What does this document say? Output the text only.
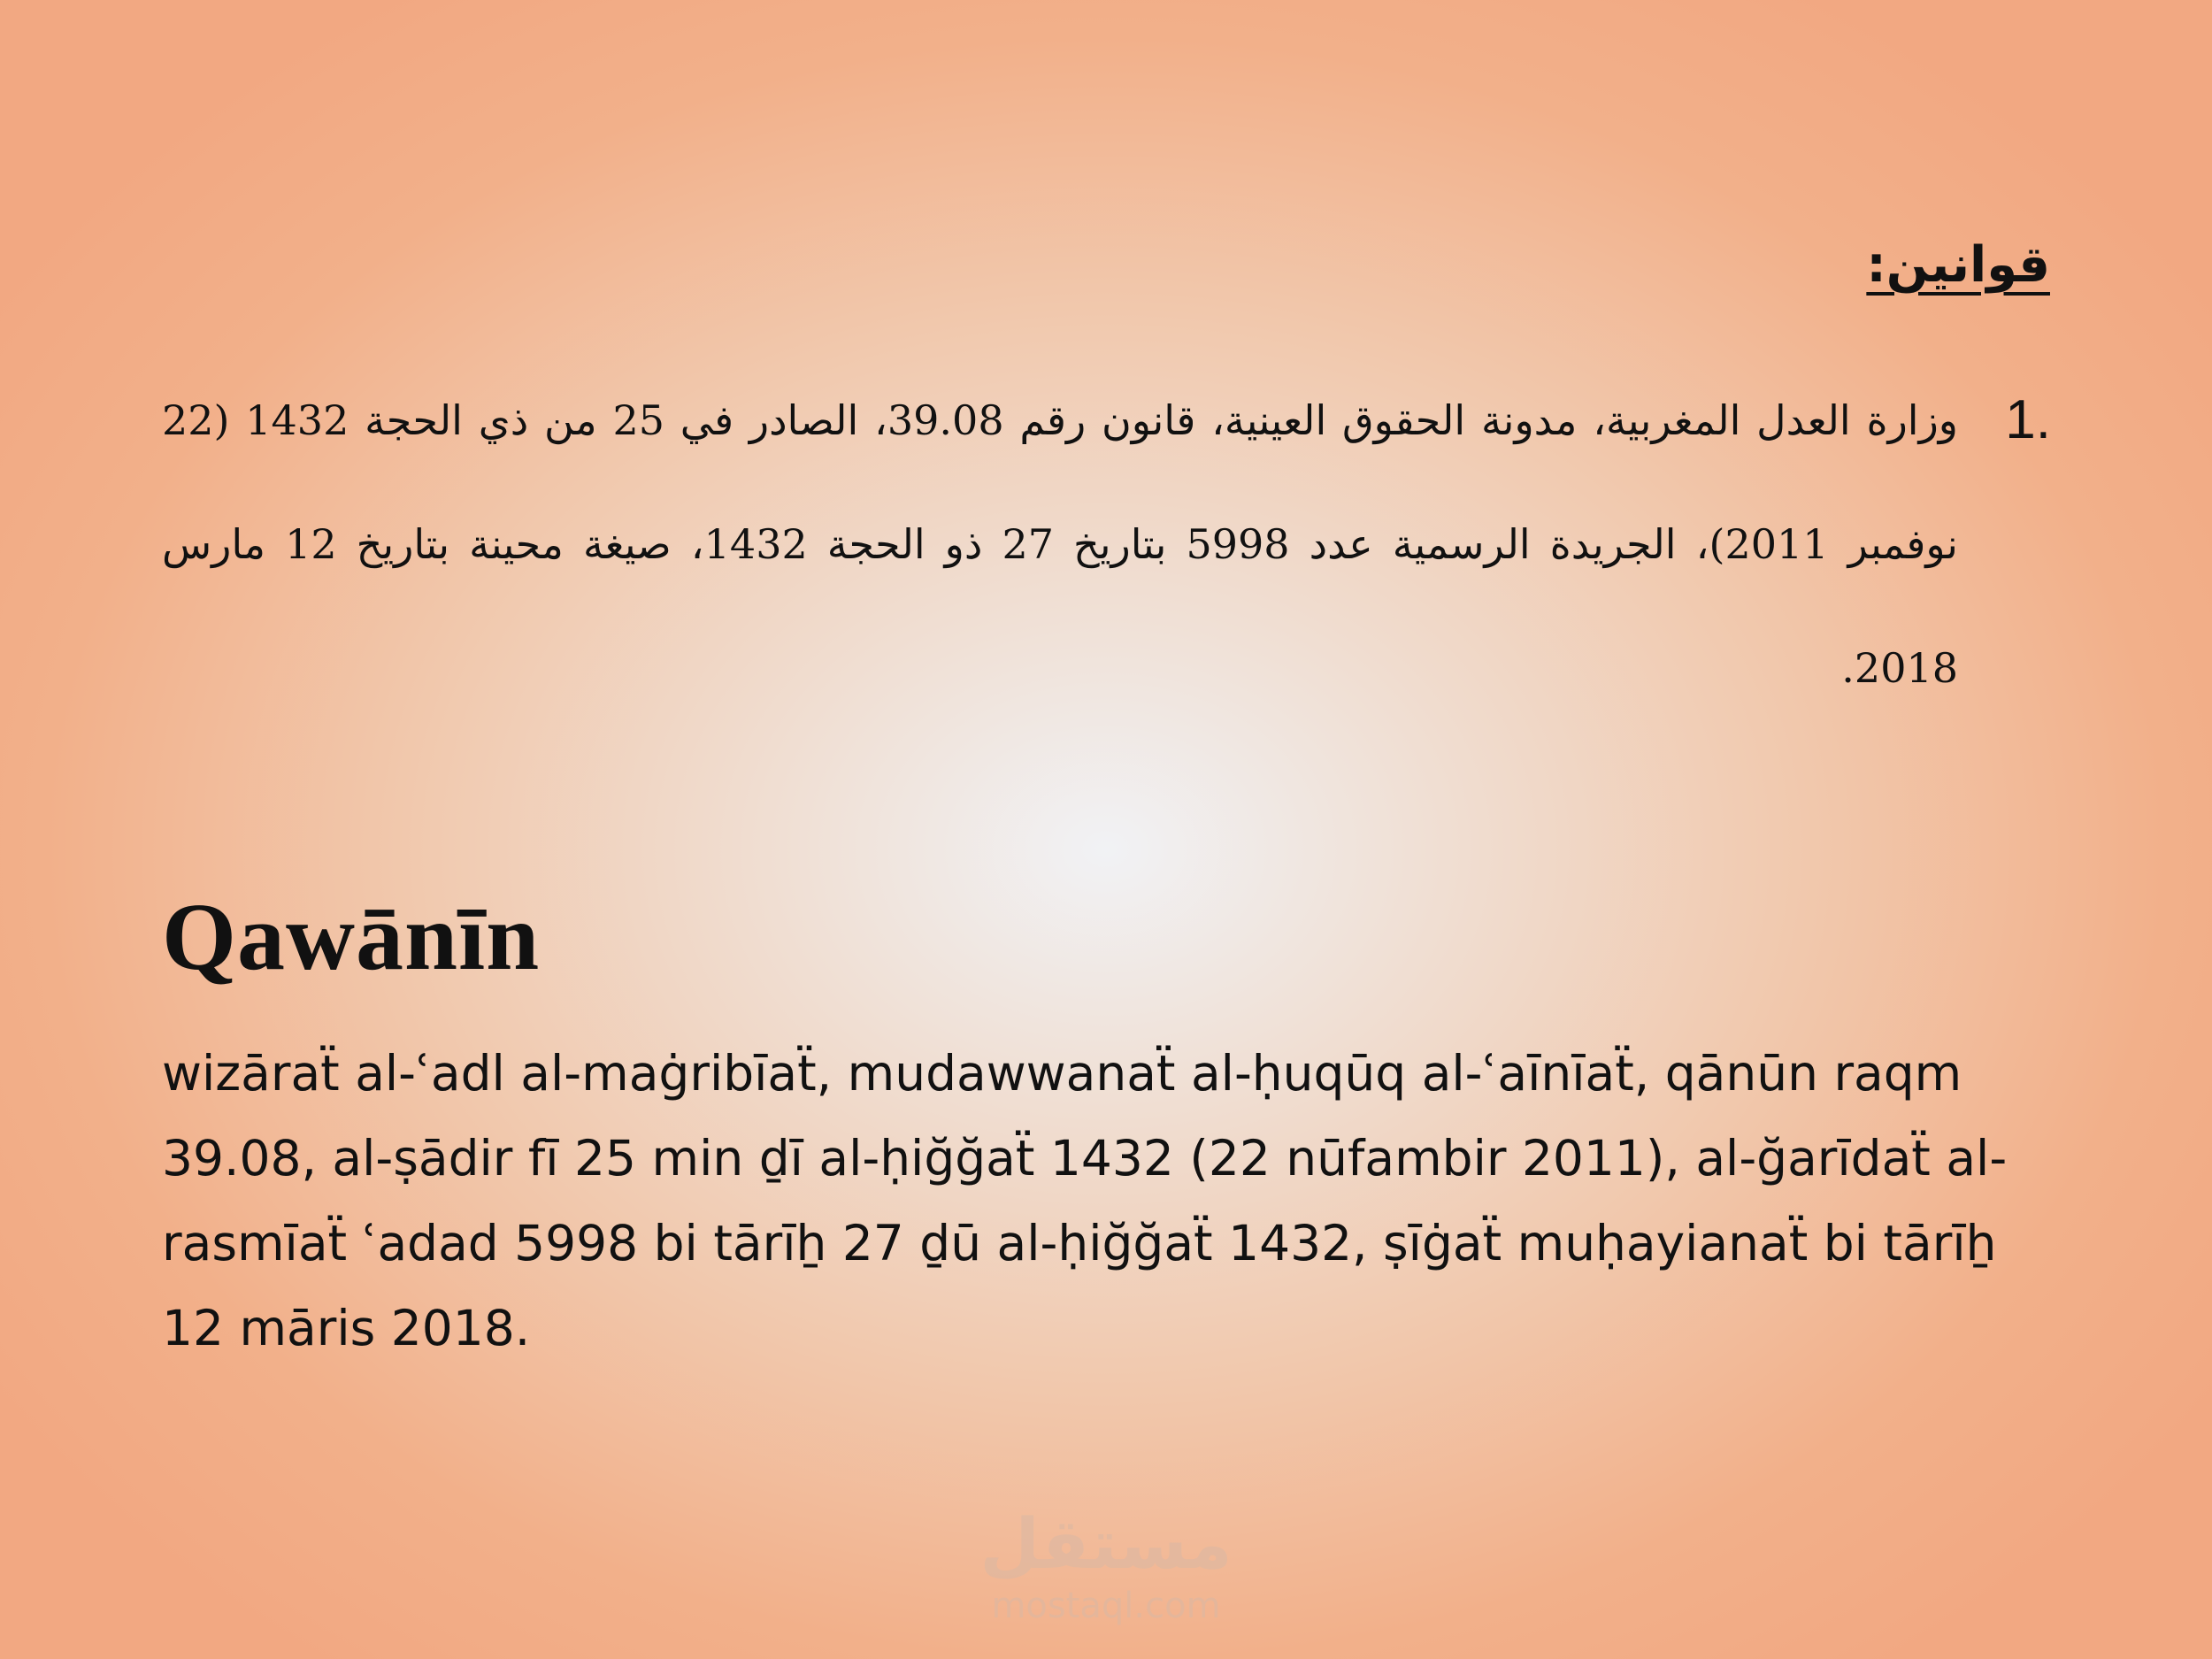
قوانين:
1.
وزارة العدل المغربية، مدونة الحقوق العينية، قانون رقم 39.08، الصادر في 25 من ذي الحجة 1432 (22 نوفمبر 2011)، الجريدة الرسمية عدد 5998 بتاريخ 27 ذو الحجة 1432، صيغة محينة بتاريخ 12 مارس 2018.
Qawānīn
wizāraẗ al-ʿadl al-maġribīaẗ, mudawwanaẗ al-ḥuqūq al-ʿaīnīaẗ, qānūn raqm 39.08, al-ṣādir fī 25 min ḏī al-ḥiğğaẗ 1432 (22 nūfambir 2011), al-ğarīdaẗ al-rasmīaẗ ʿadad 5998 bi tārīẖ 27 ḏū al-ḥiğğaẗ 1432, ṣīġaẗ muḥayianaẗ bi tārīẖ 12 māris 2018.
مستقل
mostaql.com
